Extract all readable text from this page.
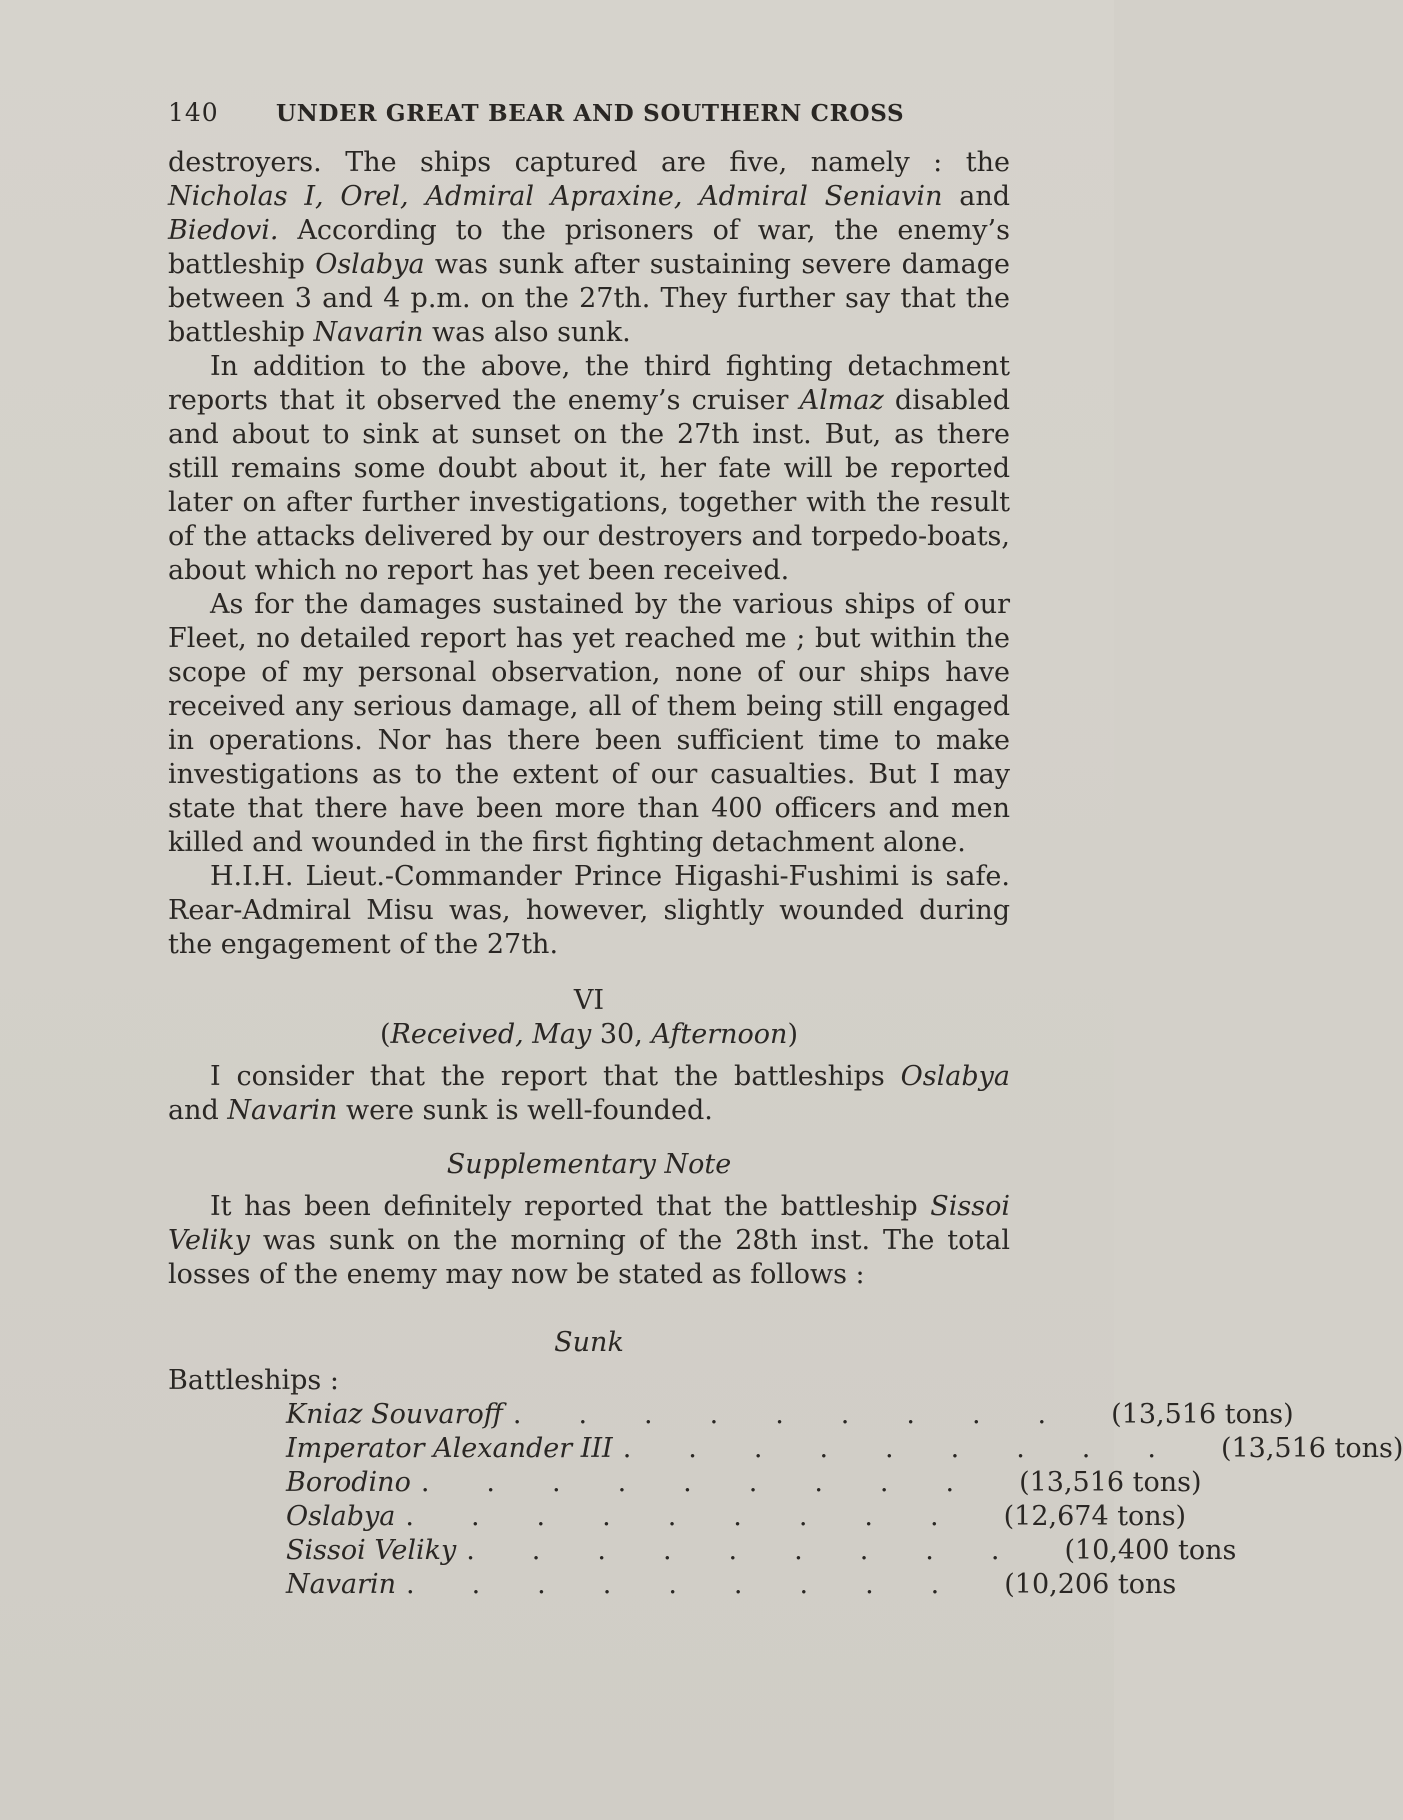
140	UNDER GREAT BEAR AND SOUTHERN CROSS

destroyers. The ships captured are five, namely : the Nicholas I, Orel, Admiral Apraxine, Admiral Seniavin and Biedovi. According to the prisoners of war, the enemy’s battleship Oslabya was sunk after sustaining severe damage between 3 and 4 p.m. on the 27th. They further say that the battleship Navarin was also sunk.

In addition to the above, the third fighting detachment reports that it observed the enemy’s cruiser Almaz disabled and about to sink at sunset on the 27th inst. But, as there still remains some doubt about it, her fate will be reported later on after further investigations, together with the result of the attacks delivered by our destroyers and torpedo-boats, about which no report has yet been received.

As for the damages sustained by the various ships of our Fleet, no detailed report has yet reached me ; but within the scope of my personal observation, none of our ships have received any serious damage, all of them being still engaged in operations. Nor has there been sufficient time to make investigations as to the extent of our casualties. But I may state that there have been more than 400 officers and men killed and wounded in the first fighting detachment alone.

H.I.H. Lieut.-Commander Prince Higashi-Fushimi is safe. Rear-Admiral Misu was, however, slightly wounded during the engagement of the 27th.

VI

(Received, May 30, Afternoon)

I consider that the report that the battleships Oslabya and Navarin were sunk is well-founded.

Supplementary Note

It has been definitely reported that the battleship Sissoi Veliky was sunk on the morning of the 28th inst. The total losses of the enemy may now be stated as follows :

Sunk

Battleships :
Kniaz Souvaroff ......... (13,516 tons)
Imperator Alexander III ......... (13,516 tons)
Borodino ......... (13,516 tons)
Oslabya ......... (12,674 tons)
Sissoi Veliky ......... (10,400 tons
Navarin ......... (10,206 tons
